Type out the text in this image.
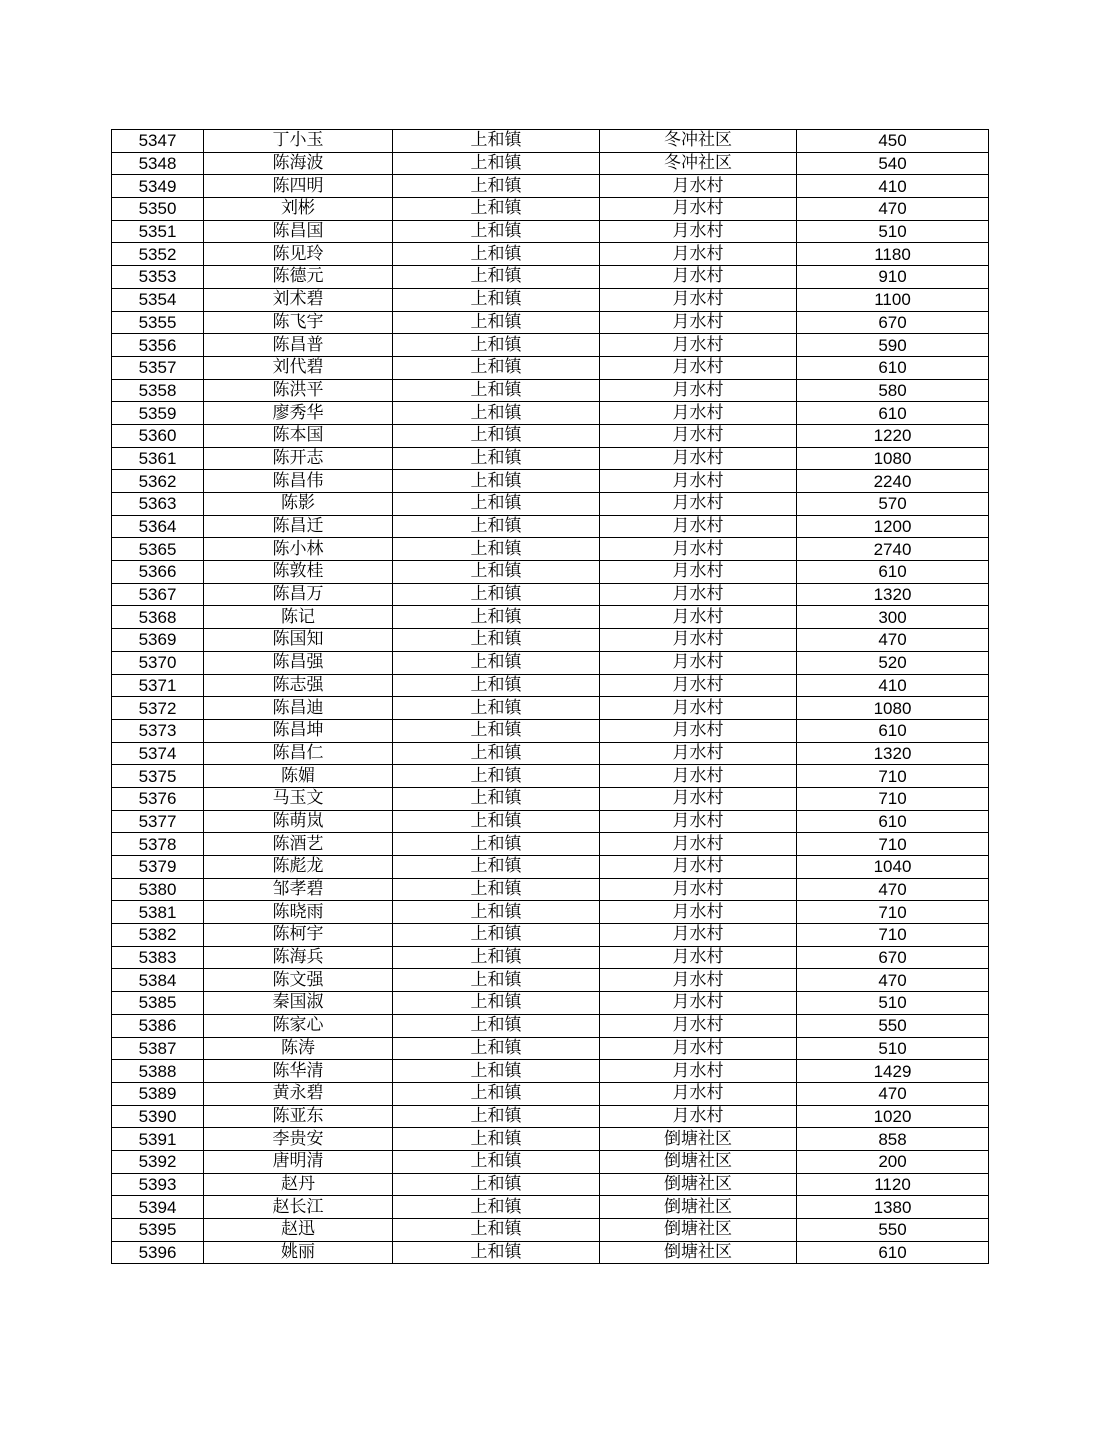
5347	丁小玉	上和镇	冬冲社区	450
5348	陈海波	上和镇	冬冲社区	540
5349	陈四明	上和镇	月水村	410
5350	刘彬	上和镇	月水村	470
5351	陈昌国	上和镇	月水村	510
5352	陈见玲	上和镇	月水村	1180
5353	陈德元	上和镇	月水村	910
5354	刘术碧	上和镇	月水村	1100
5355	陈飞宇	上和镇	月水村	670
5356	陈昌普	上和镇	月水村	590
5357	刘代碧	上和镇	月水村	610
5358	陈洪平	上和镇	月水村	580
5359	廖秀华	上和镇	月水村	610
5360	陈本国	上和镇	月水村	1220
5361	陈开志	上和镇	月水村	1080
5362	陈昌伟	上和镇	月水村	2240
5363	陈影	上和镇	月水村	570
5364	陈昌迁	上和镇	月水村	1200
5365	陈小林	上和镇	月水村	2740
5366	陈敦桂	上和镇	月水村	610
5367	陈昌万	上和镇	月水村	1320
5368	陈记	上和镇	月水村	300
5369	陈国知	上和镇	月水村	470
5370	陈昌强	上和镇	月水村	520
5371	陈志强	上和镇	月水村	410
5372	陈昌迪	上和镇	月水村	1080
5373	陈昌坤	上和镇	月水村	610
5374	陈昌仁	上和镇	月水村	1320
5375	陈媚	上和镇	月水村	710
5376	马玉文	上和镇	月水村	710
5377	陈萌岚	上和镇	月水村	610
5378	陈酒艺	上和镇	月水村	710
5379	陈彪龙	上和镇	月水村	1040
5380	邹孝碧	上和镇	月水村	470
5381	陈晓雨	上和镇	月水村	710
5382	陈柯宇	上和镇	月水村	710
5383	陈海兵	上和镇	月水村	670
5384	陈文强	上和镇	月水村	470
5385	秦国淑	上和镇	月水村	510
5386	陈家心	上和镇	月水村	550
5387	陈涛	上和镇	月水村	510
5388	陈华清	上和镇	月水村	1429
5389	黄永碧	上和镇	月水村	470
5390	陈亚东	上和镇	月水村	1020
5391	李贵安	上和镇	倒塘社区	858
5392	唐明清	上和镇	倒塘社区	200
5393	赵丹	上和镇	倒塘社区	1120
5394	赵长江	上和镇	倒塘社区	1380
5395	赵迅	上和镇	倒塘社区	550
5396	姚丽	上和镇	倒塘社区	610
